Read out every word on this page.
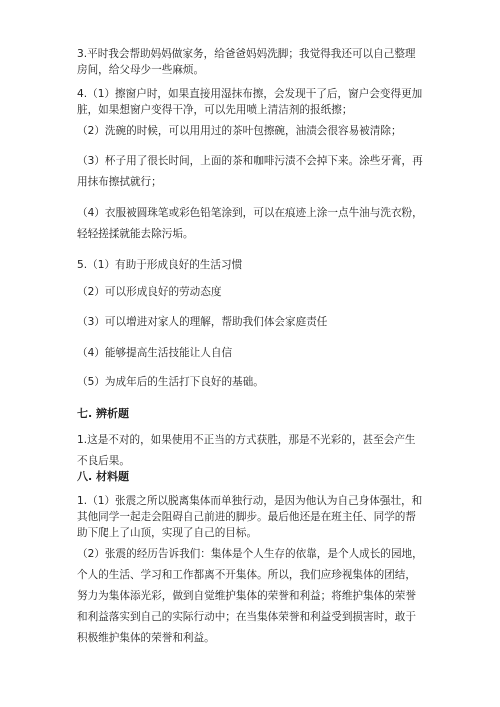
3.平时我会帮助妈妈做家务，给爸爸妈妈洗脚；我觉得我还可以自己整理房间，给父母少一些麻烦。

4.（1）擦窗户时，如果直接用湿抹布擦，会发现干了后，窗户会变得更加脏，如果想窗户变得干净，可以先用喷上清洁剂的报纸擦；

（2）洗碗的时候，可以用用过的茶叶包擦碗，油渍会很容易被清除；

（3）杯子用了很长时间，上面的茶和咖啡污渍不会掉下来。涂些牙膏，再用抹布擦拭就行；

（4）衣服被圆珠笔或彩色铅笔涂到，可以在痕迹上涂一点牛油与洗衣粉，轻轻搓揉就能去除污垢。

5.（1）有助于形成良好的生活习惯

（2）可以形成良好的劳动态度

（3）可以增进对家人的理解，帮助我们体会家庭责任

（4）能够提高生活技能让人自信

（5）为成年后的生活打下良好的基础。

七. 辨析题

1.这是不对的，如果使用不正当的方式获胜，那是不光彩的，甚至会产生不良后果。

八. 材料题

1.（1）张震之所以脱离集体而单独行动，是因为他认为自己身体强壮，和其他同学一起走会阻碍自己前进的脚步。最后他还是在班主任、同学的帮助下爬上了山顶，实现了自己的目标。

（2）张震的经历告诉我们：集体是个人生存的依靠，是个人成长的园地，个人的生活、学习和工作都离不开集体。所以，我们应珍视集体的团结，努力为集体添光彩，做到自觉维护集体的荣誉和利益；将维护集体的荣誉和利益落实到自己的实际行动中；在当集体荣誉和利益受到损害时，敢于积极维护集体的荣誉和利益。
